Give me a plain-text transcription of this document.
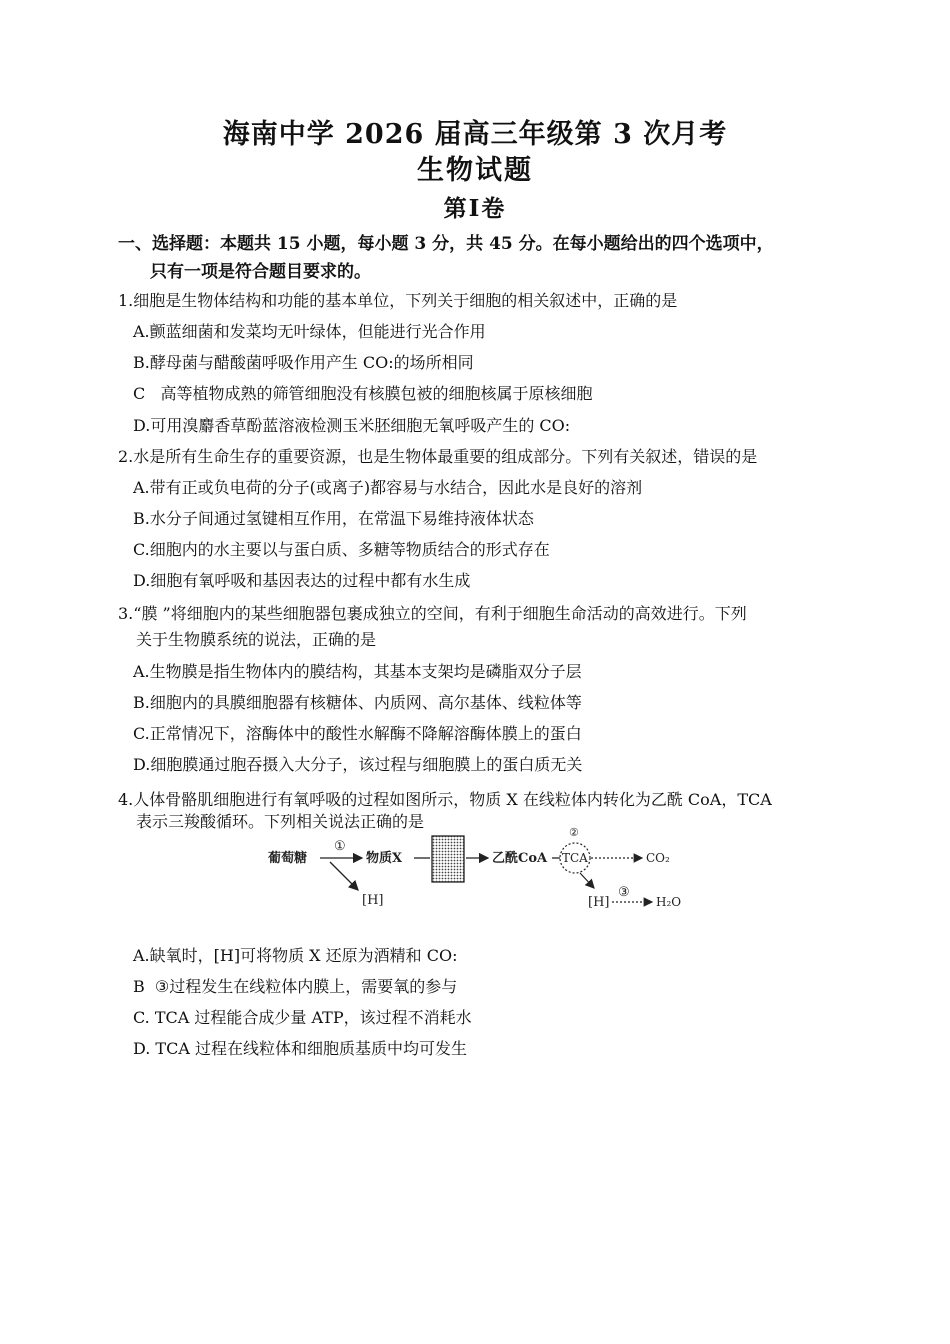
海南中学 2026 届高三年级第 3 次月考
生物试题
第Ⅰ卷
一、选择题：本题共 15 小题，每小题 3 分，共 45 分。在每小题给出的四个选项中，
只有一项是符合题目要求的。
1.细胞是生物体结构和功能的基本单位，下列关于细胞的相关叙述中，正确的是
A.颤蓝细菌和发菜均无叶绿体，但能进行光合作用
B.酵母菌与醋酸菌呼吸作用产生 CO:的场所相同
C   高等植物成熟的筛管细胞没有核膜包被的细胞核属于原核细胞
D.可用溴麝香草酚蓝溶液检测玉米胚细胞无氧呼吸产生的 CO:
2.水是所有生命生存的重要资源，也是生物体最重要的组成部分。下列有关叙述，错误的是
A.带有正或负电荷的分子(或离子)都容易与水结合，因此水是良好的溶剂
B.水分子间通过氢键相互作用，在常温下易维持液体状态
C.细胞内的水主要以与蛋白质、多糖等物质结合的形式存在
D.细胞有氧呼吸和基因表达的过程中都有水生成
3.“膜 ”将细胞内的某些细胞器包裹成独立的空间，有利于细胞生命活动的高效进行。下列
关于生物膜系统的说法，正确的是
A.生物膜是指生物体内的膜结构，其基本支架均是磷脂双分子层
B.细胞内的具膜细胞器有核糖体、内质网、高尔基体、线粒体等
C.正常情况下，溶酶体中的酸性水解酶不降解溶酶体膜上的蛋白
D.细胞膜通过胞吞摄入大分子，该过程与细胞膜上的蛋白质无关
4.人体骨骼肌细胞进行有氧呼吸的过程如图所示，物质 X 在线粒体内转化为乙酰 CoA，TCA
表示三羧酸循环。下列相关说法正确的是
葡萄糖
①
物质X
[H]
乙酰CoA TCA
②
CO₂
[H]
③
H₂O
A.缺氧时，[H]可将物质 X 还原为酒精和 CO:
B  ③过程发生在线粒体内膜上，需要氧的参与
C. TCA 过程能合成少量 ATP，该过程不消耗水
D. TCA 过程在线粒体和细胞质基质中均可发生
